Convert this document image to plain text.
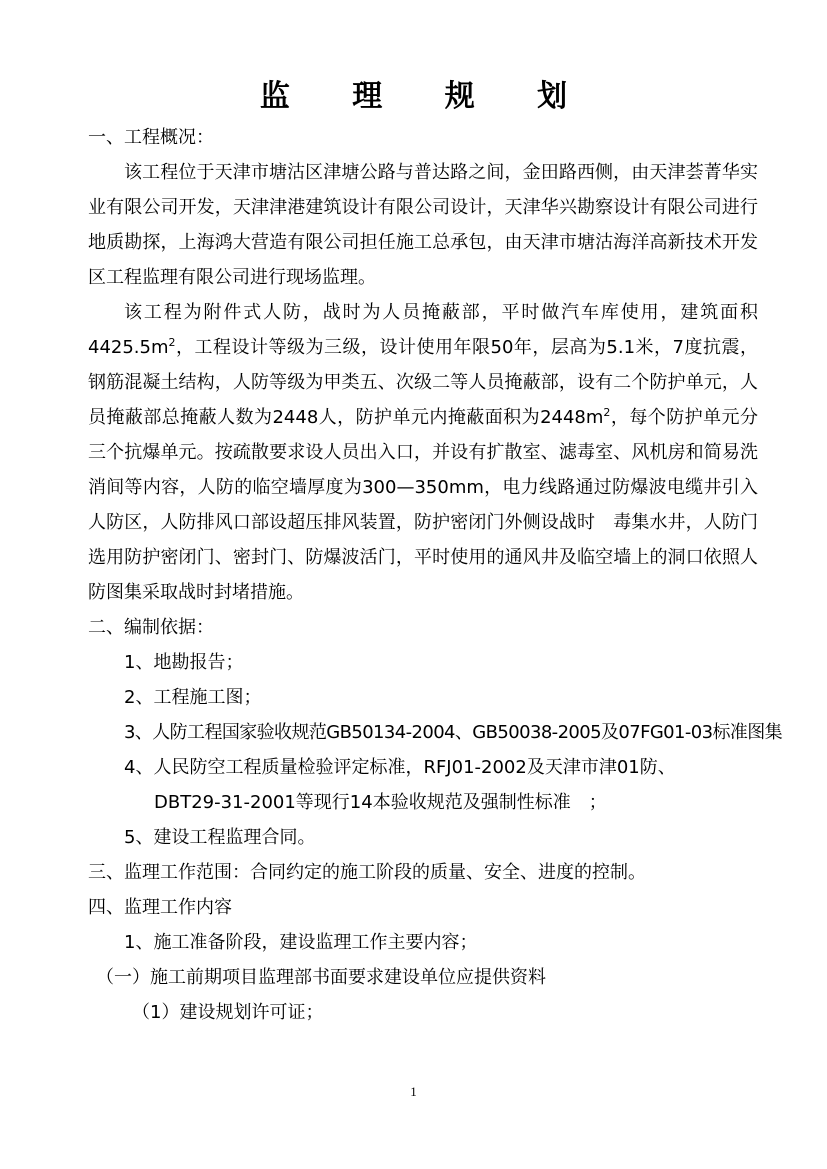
监 理 规 划

一、工程概况：

该工程位于天津市塘沽区津塘公路与普达路之间，金田路西侧，由天津荟菁华实业有限公司开发，天津津港建筑设计有限公司设计，天津华兴勘察设计有限公司进行地质勘探，上海鸿大营造有限公司担任施工总承包，由天津市塘沽海洋高新技术开发区工程监理有限公司进行现场监理。

该工程为附件式人防，战时为人员掩蔽部，平时做汽车库使用，建筑面积$4425.5m^2$，工程设计等级为三级，设计使用年限50年，层高为5.1米，7度抗震，钢筋混凝土结构，人防等级为甲类五、次级二等人员掩蔽部，设有二个防护单元，人员掩蔽部总掩蔽人数为2448人，防护单元内掩蔽面积为$2448m^2$，每个防护单元分三个抗爆单元。按疏散要求设人员出入口，并设有扩散室、滤毒室、风机房和简易洗消间等内容，人防的临空墙厚度为300—350mm，电力线路通过防爆波电缆井引入人防区，人防排风口部设超压排风装置，防护密闭门外侧设战时　毒集水井，人防门选用防护密闭门、密封门、防爆波活门，平时使用的通风井及临空墙上的洞口依照人防图集采取战时封堵措施。

二、编制依据：

1、地勘报告；

2、工程施工图；

3、人防工程国家验收规范GB50134-2004、GB50038-2005及07FG01-03标准图集

4、人民防空工程质量检验评定标准，RFJ01-2002及天津市津01防、

DBT29-31-2001等现行14本验收规范及强制性标准　；

5、建设工程监理合同。

三、监理工作范围：合同约定的施工阶段的质量、安全、进度的控制。

四、监理工作内容

1、施工准备阶段，建设监理工作主要内容；

（一）施工前期项目监理部书面要求建设单位应提供资料

（1）建设规划许可证；

1
